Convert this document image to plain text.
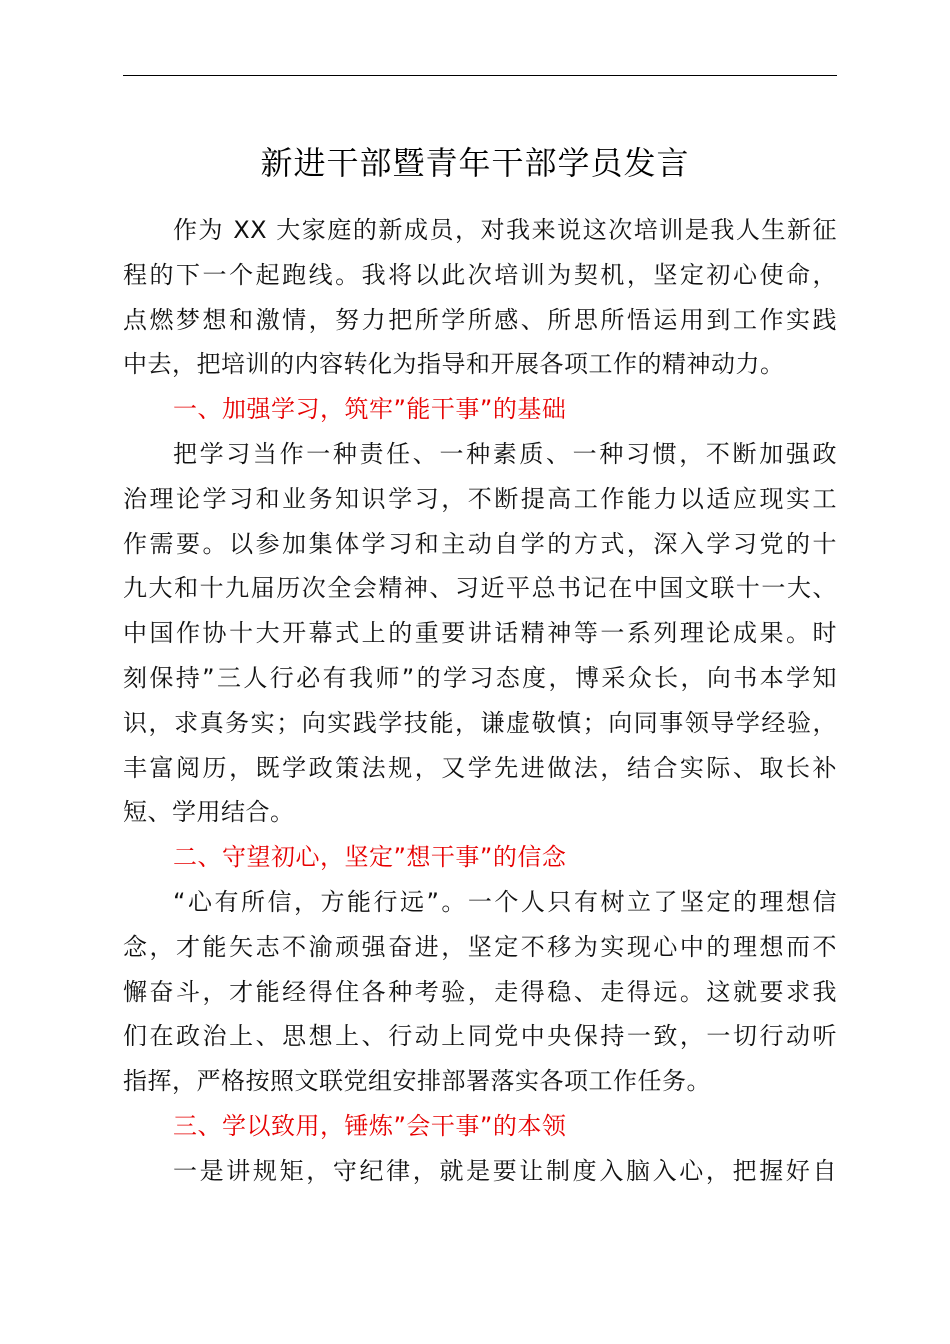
新进干部暨青年干部学员发言
作为 XX 大家庭的新成员，对我来说这次培训是我人生新征
程的下一个起跑线。我将以此次培训为契机，坚定初心使命，
点燃梦想和激情，努力把所学所感、所思所悟运用到工作实践
中去，把培训的内容转化为指导和开展各项工作的精神动力。
一、加强学习，筑牢”能干事”的基础
把学习当作一种责任、一种素质、一种习惯，不断加强政
治理论学习和业务知识学习，不断提高工作能力以适应现实工
作需要。以参加集体学习和主动自学的方式，深入学习党的十
九大和十九届历次全会精神、习近平总书记在中国文联十一大、
中国作协十大开幕式上的重要讲话精神等一系列理论成果。时
刻保持”三人行必有我师”的学习态度，博采众长，向书本学知
识，求真务实；向实践学技能，谦虚敬慎；向同事领导学经验，
丰富阅历，既学政策法规，又学先进做法，结合实际、取长补
短、学用结合。
二、守望初心，坚定”想干事”的信念
“心有所信，方能行远”。一个人只有树立了坚定的理想信
念，才能矢志不渝顽强奋进，坚定不移为实现心中的理想而不
懈奋斗，才能经得住各种考验，走得稳、走得远。这就要求我
们在政治上、思想上、行动上同党中央保持一致，一切行动听
指挥，严格按照文联党组安排部署落实各项工作任务。
三、学以致用，锤炼”会干事”的本领
一是讲规矩，守纪律，就是要让制度入脑入心，把握好自
